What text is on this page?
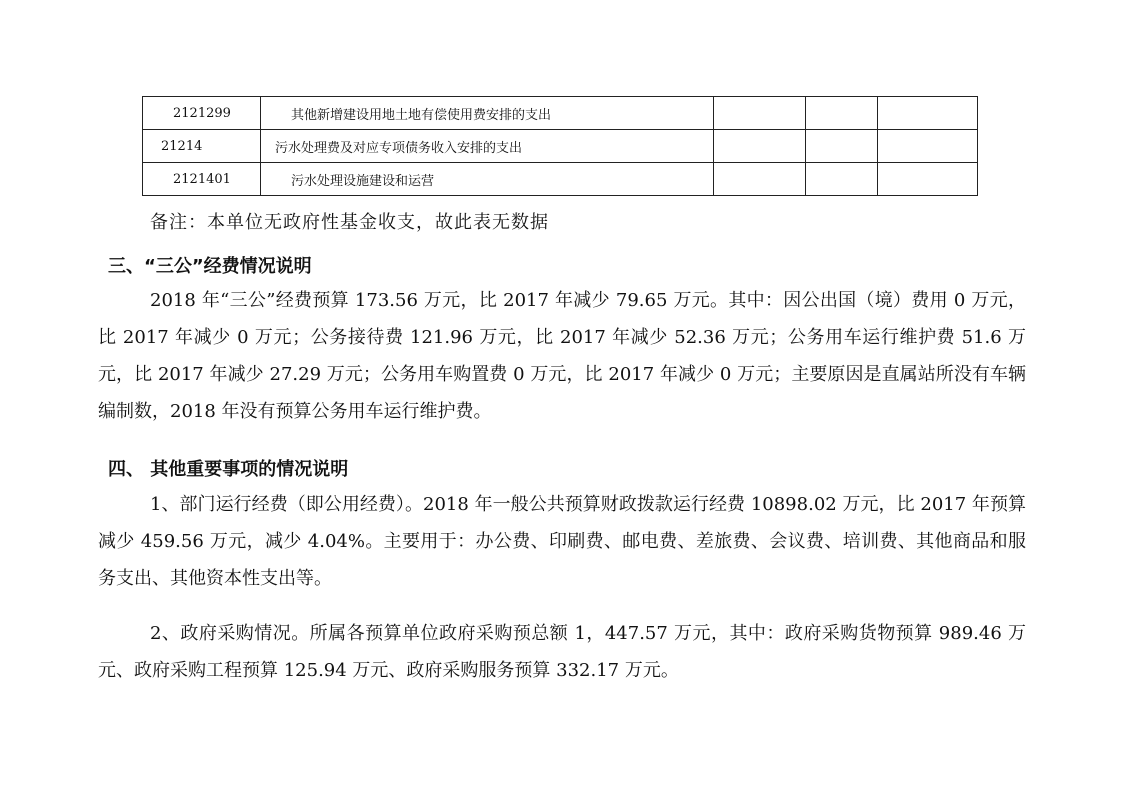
2121299	其他新增建设用地土地有偿使用费安排的支出			
21214	污水处理费及对应专项债务收入安排的支出			
2121401	污水处理设施建设和运营			
备注：本单位无政府性基金收支，故此表无数据
三、“三公”经费情况说明
2018 年“三公”经费预算 173.56 万元，比 2017 年减少 79.65 万元。其中：因公出国（境）费用 0 万元，比 2017 年减少 0 万元；公务接待费 121.96 万元，比 2017 年减少 52.36 万元；公务用车运行维护费 51.6 万元，比 2017 年减少 27.29 万元；公务用车购置费 0 万元，比 2017 年减少 0 万元；主要原因是直属站所没有车辆编制数，2018 年没有预算公务用车运行维护费。
四、 其他重要事项的情况说明
1、部门运行经费（即公用经费）。2018 年一般公共预算财政拨款运行经费 10898.02 万元，比 2017 年预算减少 459.56 万元，减少 4.04%。主要用于：办公费、印刷费、邮电费、差旅费、会议费、培训费、其他商品和服务支出、其他资本性支出等。
2、政府采购情况。所属各预算单位政府采购预总额 1，447.57 万元，其中：政府采购货物预算 989.46 万元、政府采购工程预算 125.94 万元、政府采购服务预算 332.17 万元。
